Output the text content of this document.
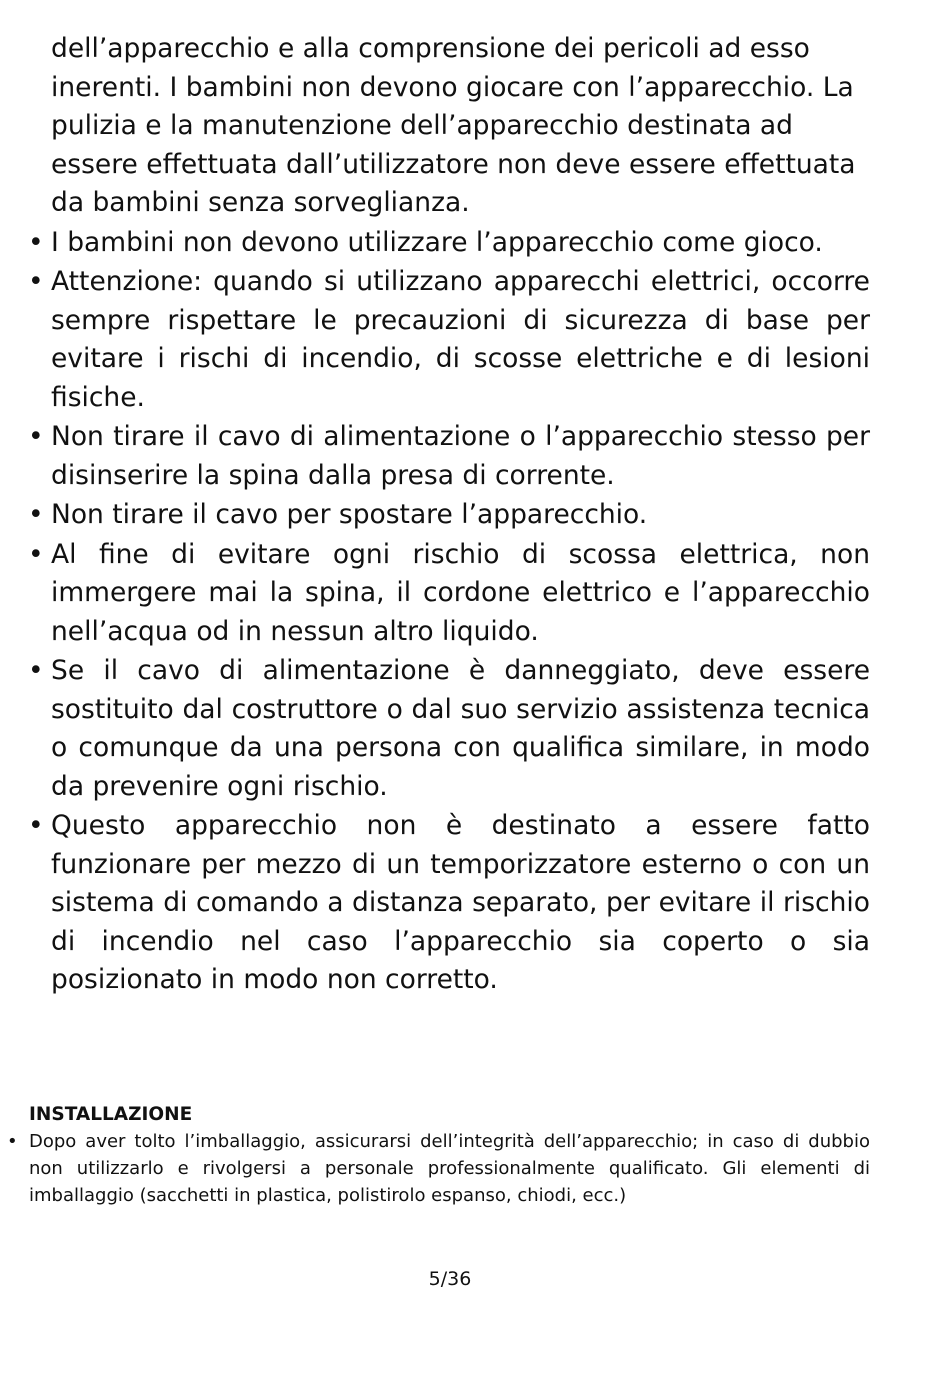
dell’apparecchio e alla comprensione dei pericoli ad esso inerenti. I bambini non devono giocare con l’apparecchio. La pulizia e la manutenzione dell’apparecchio destinata ad essere effettuata dall’utilizzatore non deve essere effettuata da bambini senza sorveglianza.

• I bambini non devono utilizzare l’apparecchio come gioco.
• Attenzione: quando si utilizzano apparecchi elettrici, occorre sempre rispettare le precauzioni di sicurezza di base per evitare i rischi di incendio, di scosse elettriche e di lesioni fisiche.
• Non tirare il cavo di alimentazione o l’apparecchio stesso per disinserire la spina dalla presa di corrente.
• Non tirare il cavo per spostare l’apparecchio.
• Al fine di evitare ogni rischio di scossa elettrica, non immergere mai la spina, il cordone elettrico e l’apparecchio nell’acqua od in nessun altro liquido.
• Se il cavo di alimentazione è danneggiato, deve essere sostituito dal costruttore o dal suo servizio assistenza tecnica o comunque da una persona con qualifica similare, in modo da prevenire ogni rischio.
• Questo apparecchio non è destinato a essere fatto funzionare per mezzo di un temporizzatore esterno o con un sistema di comando a distanza separato, per evitare il rischio di incendio nel caso l’apparecchio sia coperto o sia posizionato in modo non corretto.

INSTALLAZIONE

• Dopo aver tolto l’imballaggio, assicurarsi dell’integrità dell’apparecchio; in caso di dubbio non utilizzarlo e rivolgersi a personale professionalmente qualificato. Gli elementi di imballaggio (sacchetti in plastica, polistirolo espanso, chiodi, ecc.)
5/36
